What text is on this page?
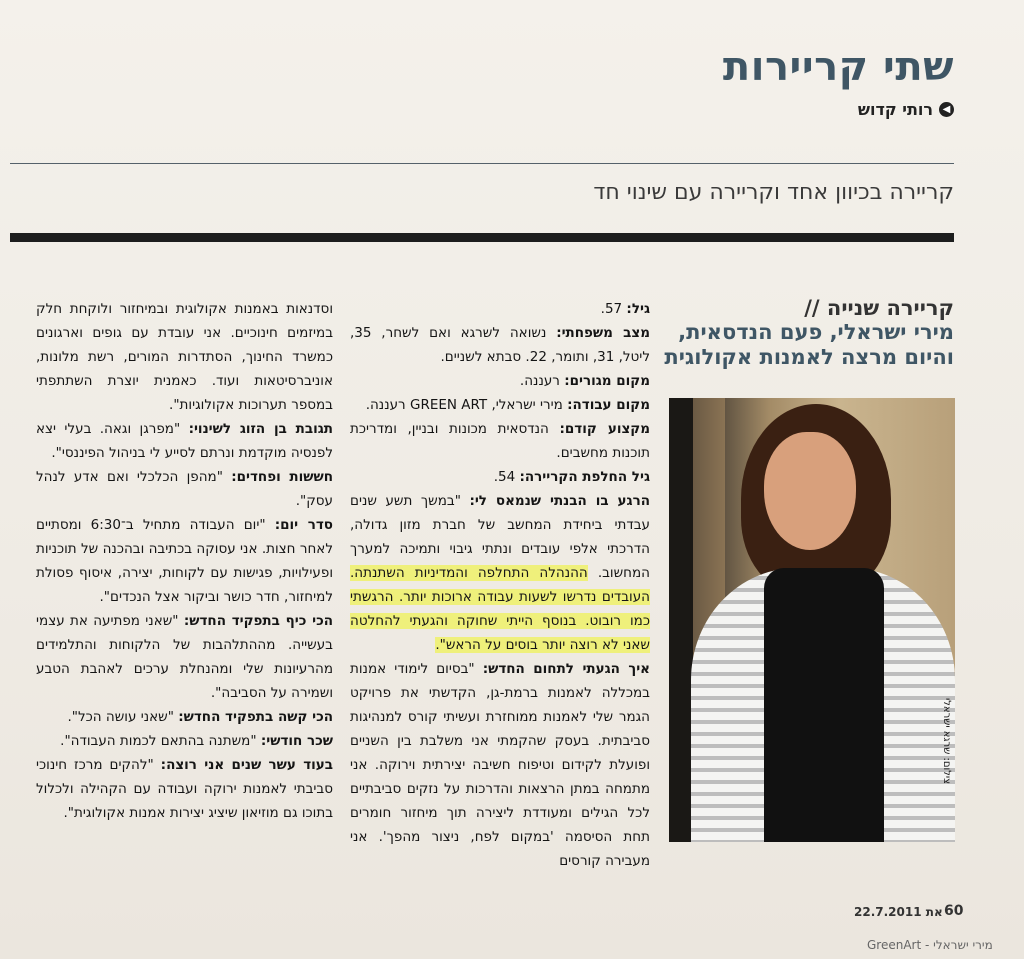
שתי קריירות
◀
רותי קדוש
קריירה בכיוון אחד וקריירה עם שינוי חד
קריירה שנייה //
מירי ישראלי, פעם הנדסאית, והיום מרצה לאמנות אקולוגית
צילום: שרגא ישראלי

גיל: 57.

מצב משפחתי: נשואה לשרגא ואם לשחר, 35, ליטל, 31, ותומר, 22. סבתא לשניים.

מקום מגורים: רעננה.

מקום עבודה: מירי ישראלי, GREEN ART רעננה.

מקצוע קודם: הנדסאית מכונות ובניין, ומדריכת תוכנות מחשבים.

גיל החלפת הקריירה: 54.

הרגע בו הבנתי שנמאס לי: "במשך תשע שנים עבדתי ביחידת המחשב של חברת מזון גדולה, הדרכתי אלפי עובדים ונתתי גיבוי ותמיכה למערך המחשוב. ההנהלה התחלפה והמדיניות השתנתה. העובדים נדרשו לשעות עבודה ארוכות יותר. הרגשתי כמו רובוט. בנוסף הייתי שחוקה והגעתי להחלטה שאני לא רוצה יותר בוסים על הראש".

איך הגעתי לתחום החדש: "בסיום לימודי אמנות במכללה לאמנות ברמת-גן, הקדשתי את פרויקט הגמר שלי לאמנות ממוחזרת ועשיתי קורס למנהיגות סביבתית. בעסק שהקמתי אני משלבת בין השניים ופועלת לקידום וטיפוח חשיבה יצירתית וירוקה. אני מתמחה במתן הרצאות והדרכות על נזקים סביבתיים לכל הגילים ומעודדת ליצירה תוך מיחזור חומרים תחת הסיסמה 'במקום לפח, ניצור מהפך'. אני מעבירה קורסים

וסדנאות באמנות אקולוגית ובמיחזור ולוקחת חלק במיזמים חינוכיים. אני עובדת עם גופים וארגונים כמשרד החינוך, הסתדרות המורים, רשת מלונות, אוניברסיטאות ועוד. כאמנית יוצרת השתתפתי במספר תערוכות אקולוגיות".

תגובת בן הזוג לשינוי: "מפרגן וגאה. בעלי יצא לפנסיה מוקדמת ונרתם לסייע לי בניהול הפיננסי".

חששות ופחדים: "מהפן הכלכלי ואם אדע לנהל עסק".

סדר יום: "יום העבודה מתחיל ב־6:30 ומסתיים לאחר חצות. אני עסוקה בכתיבה ובהכנה של תוכניות ופעילויות, פגישות עם לקוחות, יצירה, איסוף פסולת למיחזור, חדר כושר וביקור אצל הנכדים".

הכי כיף בתפקיד החדש: "שאני מפתיעה את עצמי בעשייה. מההתלהבות של הלקוחות והתלמידים מהרעיונות שלי ומהנחלת ערכים לאהבת הטבע ושמירה על הסביבה".

הכי קשה בתפקיד החדש: "שאני עושה הכל".

שכר חודשי: "משתנה בהתאם לכמות העבודה".

בעוד עשר שנים אני רוצה: "להקים מרכז חינוכי סביבתי לאמנות ירוקה ועבודה עם הקהילה ולכלול בתוכו גם מוזיאון שיציג יצירות אמנות אקולוגית".

22.7.2011 את 60
מירי ישראלי - GreenArt
